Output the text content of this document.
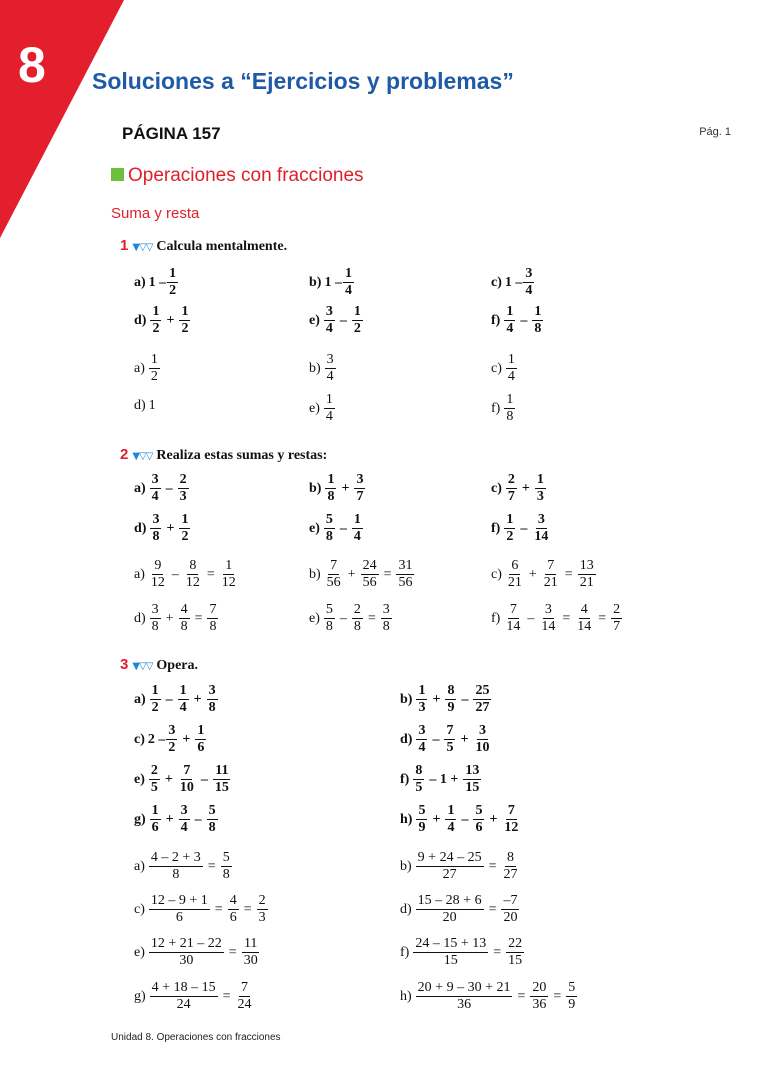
8	Soluciones a “Ejercicios y problemas”
PÁGINA 157	Pág. 1
Operaciones con fracciones
Suma y resta
1 ▼▽▽ Calcula mentalmente.
2 ▼▽▽ Realiza estas sumas y restas:
3 ▼▽▽ Opera.
a) $1 - \frac{1}{2}$	b) $1 - \frac{1}{4}$	c) $1 - \frac{3}{4}$
$d) \frac{1}{2} + \frac{1}{2}$	$e) \frac{3}{4} - \frac{1}{2}$	$f) \frac{1}{4} - \frac{1}{8}$
$a) \frac{1}{2}$	$b) \frac{3}{4}$	$c) \frac{1}{4}$
d) 1	$e) \frac{1}{4}$	$f) \frac{1}{8}$
$a) \frac{3}{4} - \frac{2}{3}$	$b) \frac{1}{8} + \frac{3}{7}$	$c) \frac{2}{7} + \frac{1}{3}$
$d) \frac{3}{8} + \frac{1}{2}$	$e) \frac{5}{8} - \frac{1}{4}$	$f) \frac{1}{2} - \frac{3}{14}$
$a) \frac{9}{12} - \frac{8}{12} = \frac{1}{12}$	$b) \frac{7}{56} + \frac{24}{56} = \frac{31}{56}$	$c) \frac{6}{21} + \frac{7}{21} = \frac{13}{21}$
$d) \frac{3}{8} + \frac{4}{8} = \frac{7}{8}$	$e) \frac{5}{8} - \frac{2}{8} = \frac{3}{8}$	$f) \frac{7}{14} - \frac{3}{14} = \frac{4}{14} = \frac{2}{7}$
$a) \frac{1}{2} - \frac{1}{4} + \frac{3}{8}$	$b) \frac{1}{3} + \frac{8}{9} - \frac{25}{27}$
c) $2 - \frac{3}{2} + \frac{1}{6}$	$d) \frac{3}{4} - \frac{7}{5} + \frac{3}{10}$
$e) \frac{2}{5} + \frac{7}{10} - \frac{11}{15}$	$f) \frac{8}{5} - 1 + \frac{13}{15}$
$g) \frac{1}{6} + \frac{3}{4} - \frac{5}{8}$	$h) \frac{5}{9} + \frac{1}{4} - \frac{5}{6} + \frac{7}{12}$
$a) \frac{4 - 2 + 3}{8} = \frac{5}{8}$	$b) \frac{9 + 24 - 25}{27} = \frac{8}{27}$
$c) \frac{12 - 9 + 1}{6} = \frac{4}{6} = \frac{2}{3}$	$d) \frac{15 - 28 + 6}{20} = \frac{-7}{20}$
$e) \frac{12 + 21 - 22}{30} = \frac{11}{30}$	$f) \frac{24 - 15 + 13}{15} = \frac{22}{15}$
$g) \frac{4 + 18 - 15}{24} = \frac{7}{24}$	$h) \frac{20 + 9 - 30 + 21}{36} = \frac{20}{36} = \frac{5}{9}$
Unidad 8. Operaciones con fracciones
